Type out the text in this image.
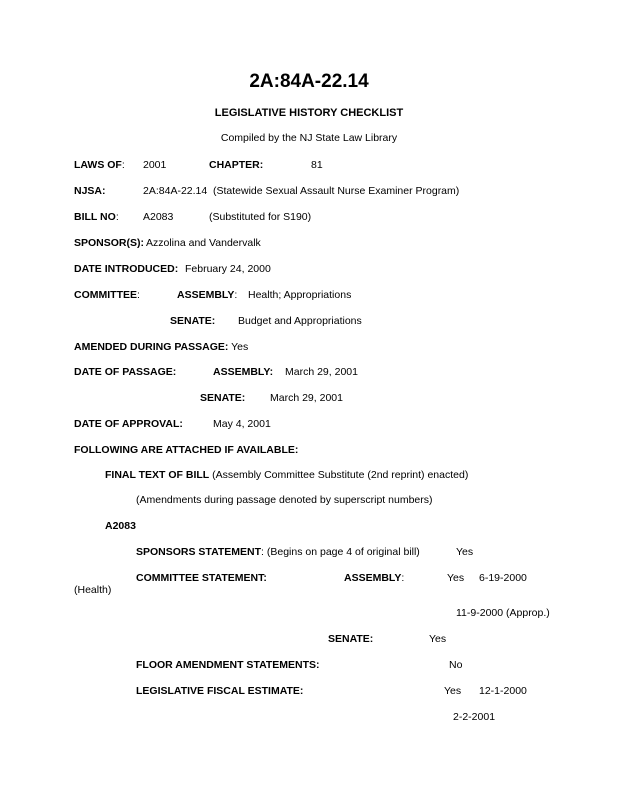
2A:84A-22.14
LEGISLATIVE HISTORY CHECKLIST
Compiled by the NJ State Law Library
LAWS OF: 2001	CHAPTER:	81
NJSA:	2A:84A-22.14 (Statewide Sexual Assault Nurse Examiner Program)
BILL NO: A2083	(Substituted for S190)
SPONSOR(S): Azzolina and Vandervalk
DATE INTRODUCED: February 24, 2000
COMMITTEE:	ASSEMBLY: Health; Appropriations
SENATE: Budget and Appropriations
AMENDED DURING PASSAGE: Yes
DATE OF PASSAGE:	ASSEMBLY: March 29, 2001
SENATE: March 29, 2001
DATE OF APPROVAL:	May 4, 2001
FOLLOWING ARE ATTACHED IF AVAILABLE:
FINAL TEXT OF BILL (Assembly Committee Substitute (2nd reprint) enacted)
(Amendments during passage denoted by superscript numbers)
A2083
SPONSORS STATEMENT: (Begins on page 4 of original bill)	Yes
COMMITTEE STATEMENT:	ASSEMBLY:	Yes 6-19-2000
(Health)
11-9-2000 (Approp.)
SENATE:	Yes
FLOOR AMENDMENT STATEMENTS:	No
LEGISLATIVE FISCAL ESTIMATE:	Yes 12-1-2000
2-2-2001
